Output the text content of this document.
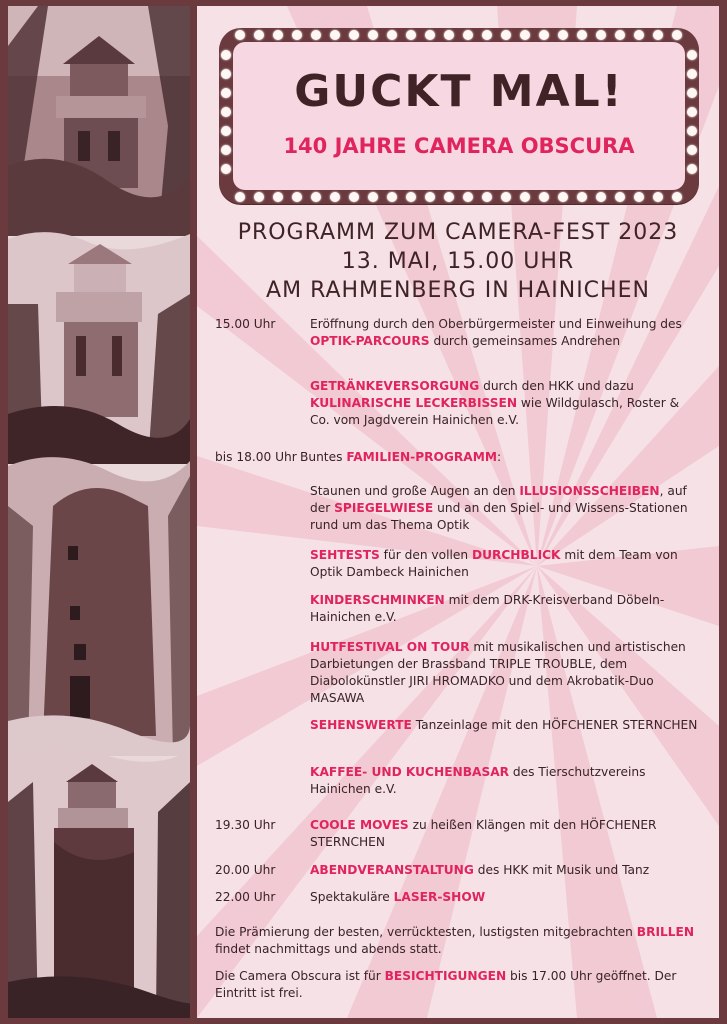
GUCKT MAL!
140 JAHRE CAMERA OBSCURA
PROGRAMM ZUM CAMERA-FEST 2023
13. MAI, 15.00 UHR
AM RAHMENBERG IN HAINICHEN
15.00 Uhr	Eröffnung durch den Oberbürgermeister und Einweihung des OPTIK-PARCOURS durch gemeinsames Andrehen
GETRÄNKEVERSORGUNG durch den HKK und dazu KULINARISCHE LECKERBISSEN wie Wildgulasch, Roster & Co. vom Jagdverein Hainichen e.V.
bis 18.00 Uhr Buntes FAMILIEN-PROGRAMM:
Staunen und große Augen an den ILLUSIONSSCHEIBEN, auf der SPIEGELWIESE und an den Spiel- und Wissens-Stationen rund um das Thema Optik
SEHTESTS für den vollen DURCHBLICK mit dem Team von Optik Dambeck Hainichen
KINDERSCHMINKEN mit dem DRK-Kreisverband Döbeln-Hainichen e.V.
HUTFESTIVAL ON TOUR mit musikalischen und artistischen Darbietungen der Brassband TRIPLE TROUBLE, dem Diabolokünstler JIRI HROMADKO und dem Akrobatik-Duo MASAWA
SEHENSWERTE Tanzeinlage mit den HÖFCHENER STERNCHEN
KAFFEE- UND KUCHENBASAR des Tierschutzvereins Hainichen e.V.
19.30 Uhr	COOLE MOVES zu heißen Klängen mit den HÖFCHENER STERNCHEN
20.00 Uhr	ABENDVERANSTALTUNG des HKK mit Musik und Tanz
22.00 Uhr	Spektakuläre LASER-SHOW
Die Prämierung der besten, verrücktesten, lustigsten mitgebrachten BRILLEN findet nachmittags und abends statt.
Die Camera Obscura ist für BESICHTIGUNGEN bis 17.00 Uhr geöffnet. Der Eintritt ist frei.
